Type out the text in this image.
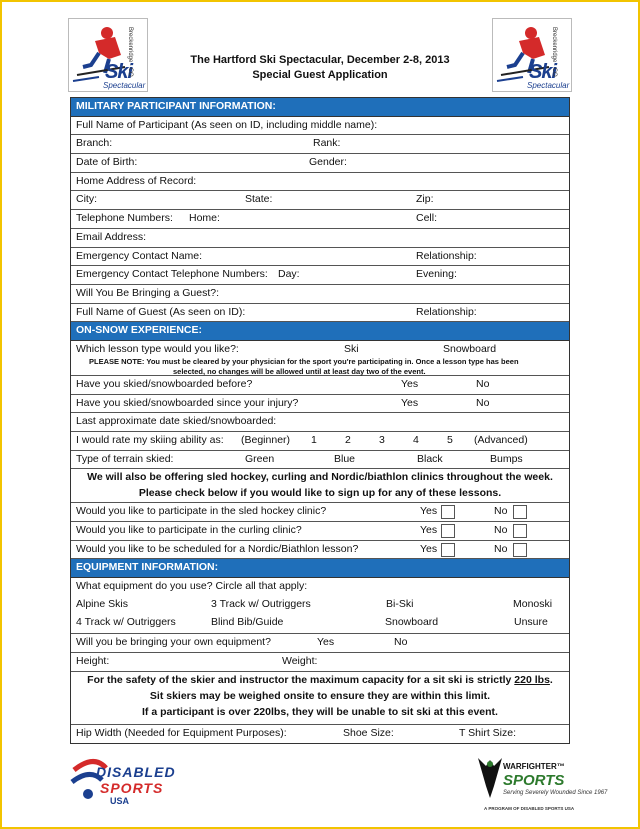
Ski
Spectacular
Breckenridge · CO	Ski
Spectacular
Breckenridge · CO
The Hartford Ski Spectacular, December 2-8, 2013
Special Guest Application
MILITARY PARTICIPANT INFORMATION:
Full Name of Participant (As seen on ID, including middle name):
Branch:	Rank:
Date of Birth:	Gender:
Home Address of Record:
City:	State:	Zip:
Telephone Numbers: Home:	Cell:
Email Address:
Emergency Contact Name:	Relationship:
Emergency Contact Telephone Numbers: Day:	Evening:
Will You Be Bringing a Guest?:
Full Name of Guest (As seen on ID):	Relationship:
ON-SNOW EXPERIENCE:
Which lesson type would you like?:	Ski	Snowboard
PLEASE NOTE: You must be cleared by your physician for the sport you're participating in. Once a lesson type has been
selected, no changes will be allowed until at least day two of the event.
Have you skied/snowboarded before?	Yes	No
Have you skied/snowboarded since your injury?	Yes	No
Last approximate date skied/snowboarded:
I would rate my skiing ability as: (Beginner) 1	2	3	4	5 (Advanced)
Type of terrain skied:	Green	Blue	Black	Bumps
We will also be offering sled hockey, curling and Nordic/biathlon clinics throughout the week.
Please check below if you would like to sign up for any of these lessons.
Would you like to participate in the sled hockey clinic?	Yes	No
Would you like to participate in the curling clinic?	Yes	No
Would you like to be scheduled for a Nordic/Biathlon lesson?	Yes	No
EQUIPMENT INFORMATION:
What equipment do you use? Circle all that apply:
Alpine Skis	3 Track w/ Outriggers	Bi-Ski	Monoski
4 Track w/ Outriggers	Blind Bib/Guide	Snowboard	Unsure
Will you be bringing your own equipment?	Yes	No
Height:	Weight:
For the safety of the skier and instructor the maximum capacity for a sit ski is strictly 220 lbs.
Sit skiers may be weighed onsite to ensure they are within this limit.
If a participant is over 220lbs, they will be unable to sit ski at this event.
Hip Width (Needed for Equipment Purposes):	Shoe Size:	T Shirt Size:
DISABLED
SPORTS
USA
WARFIGHTER™
SPORTS
Serving Severely Wounded Since 1967
A PROGRAM OF DISABLED SPORTS USA
